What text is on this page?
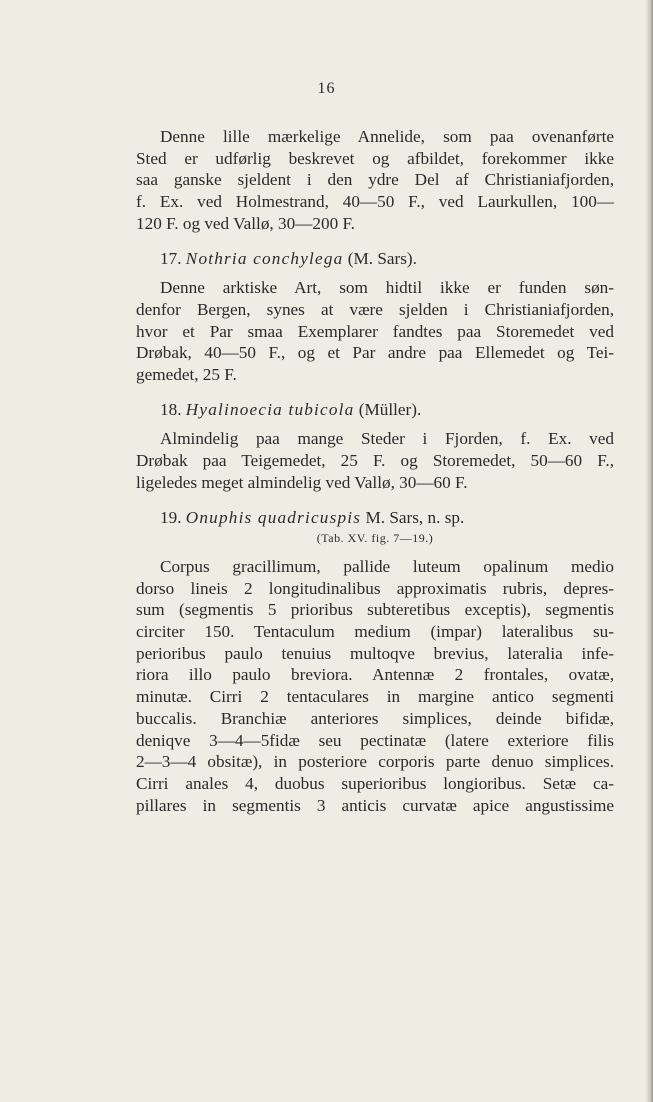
16

Denne lille mærkelige Annelide, som paa ovenanførte
Sted er udførlig beskrevet og afbildet, forekommer ikke
saa ganske sjeldent i den ydre Del af Christianiafjorden,
f. Ex. ved Holmestrand, 40—50 F., ved Laurkullen, 100—
120 F. og ved Vallø, 30—200 F.

17. Nothria conchylega (M. Sars).

Denne arktiske Art, som hidtil ikke er funden søn-
denfor Bergen, synes at være sjelden i Christianiafjorden,
hvor et Par smaa Exemplarer fandtes paa Storemedet ved
Drøbak, 40—50 F., og et Par andre paa Ellemedet og Tei-
gemedet, 25 F.

18. Hyalinoecia tubicola (Müller).

Almindelig paa mange Steder i Fjorden, f. Ex. ved
Drøbak paa Teigemedet, 25 F. og Storemedet, 50—60 F.,
ligeledes meget almindelig ved Vallø, 30—60 F.

19. Onuphis quadricuspis M. Sars, n. sp.
(Tab. XV. fig. 7—19.)

Corpus gracillimum, pallide luteum opalinum medio
dorso lineis 2 longitudinalibus approximatis rubris, depres-
sum (segmentis 5 prioribus subteretibus exceptis), segmentis
circiter 150. Tentaculum medium (impar) lateralibus su-
perioribus paulo tenuius multoqve brevius, lateralia infe-
riora illo paulo breviora. Antennæ 2 frontales, ovatæ,
minutæ. Cirri 2 tentaculares in margine antico segmenti
buccalis. Branchiæ anteriores simplices, deinde bifidæ,
deniqve 3—4—5fidæ seu pectinatæ (latere exteriore filis
2—3—4 obsitæ), in posteriore corporis parte denuo simplices.
Cirri anales 4, duobus superioribus longioribus. Setæ ca-
pillares in segmentis 3 anticis curvatæ apice angustissime
